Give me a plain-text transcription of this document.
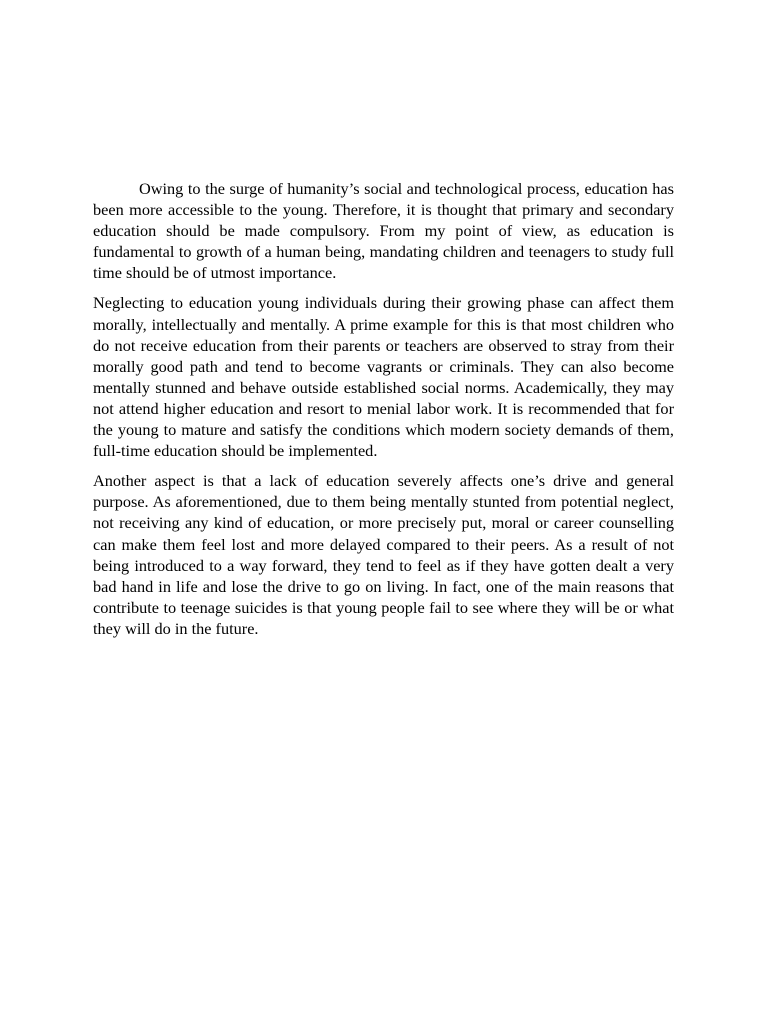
Owing to the surge of humanity’s social and technological process, education has been more accessible to the young. Therefore, it is thought that primary and secondary education should be made compulsory. From my point of view, as education is fundamental to growth of a human being, mandating children and teenagers to study full time should be of utmost importance.

Neglecting to education young individuals during their growing phase can affect them morally, intellectually and mentally. A prime example for this is that most children who do not receive education from their parents or teachers are observed to stray from their morally good path and tend to become vagrants or criminals. They can also become mentally stunned and behave outside established social norms. Academically, they may not attend higher education and resort to menial labor work. It is recommended that for the young to mature and satisfy the conditions which modern society demands of them, full-time education should be implemented.

Another aspect is that a lack of education severely affects one’s drive and general purpose. As aforementioned, due to them being mentally stunted from potential neglect, not receiving any kind of education, or more precisely put, moral or career counselling can make them feel lost and more delayed compared to their peers. As a result of not being introduced to a way forward, they tend to feel as if they have gotten dealt a very bad hand in life and lose the drive to go on living. In fact, one of the main reasons that contribute to teenage suicides is that young people fail to see where they will be or what they will do in the future.
